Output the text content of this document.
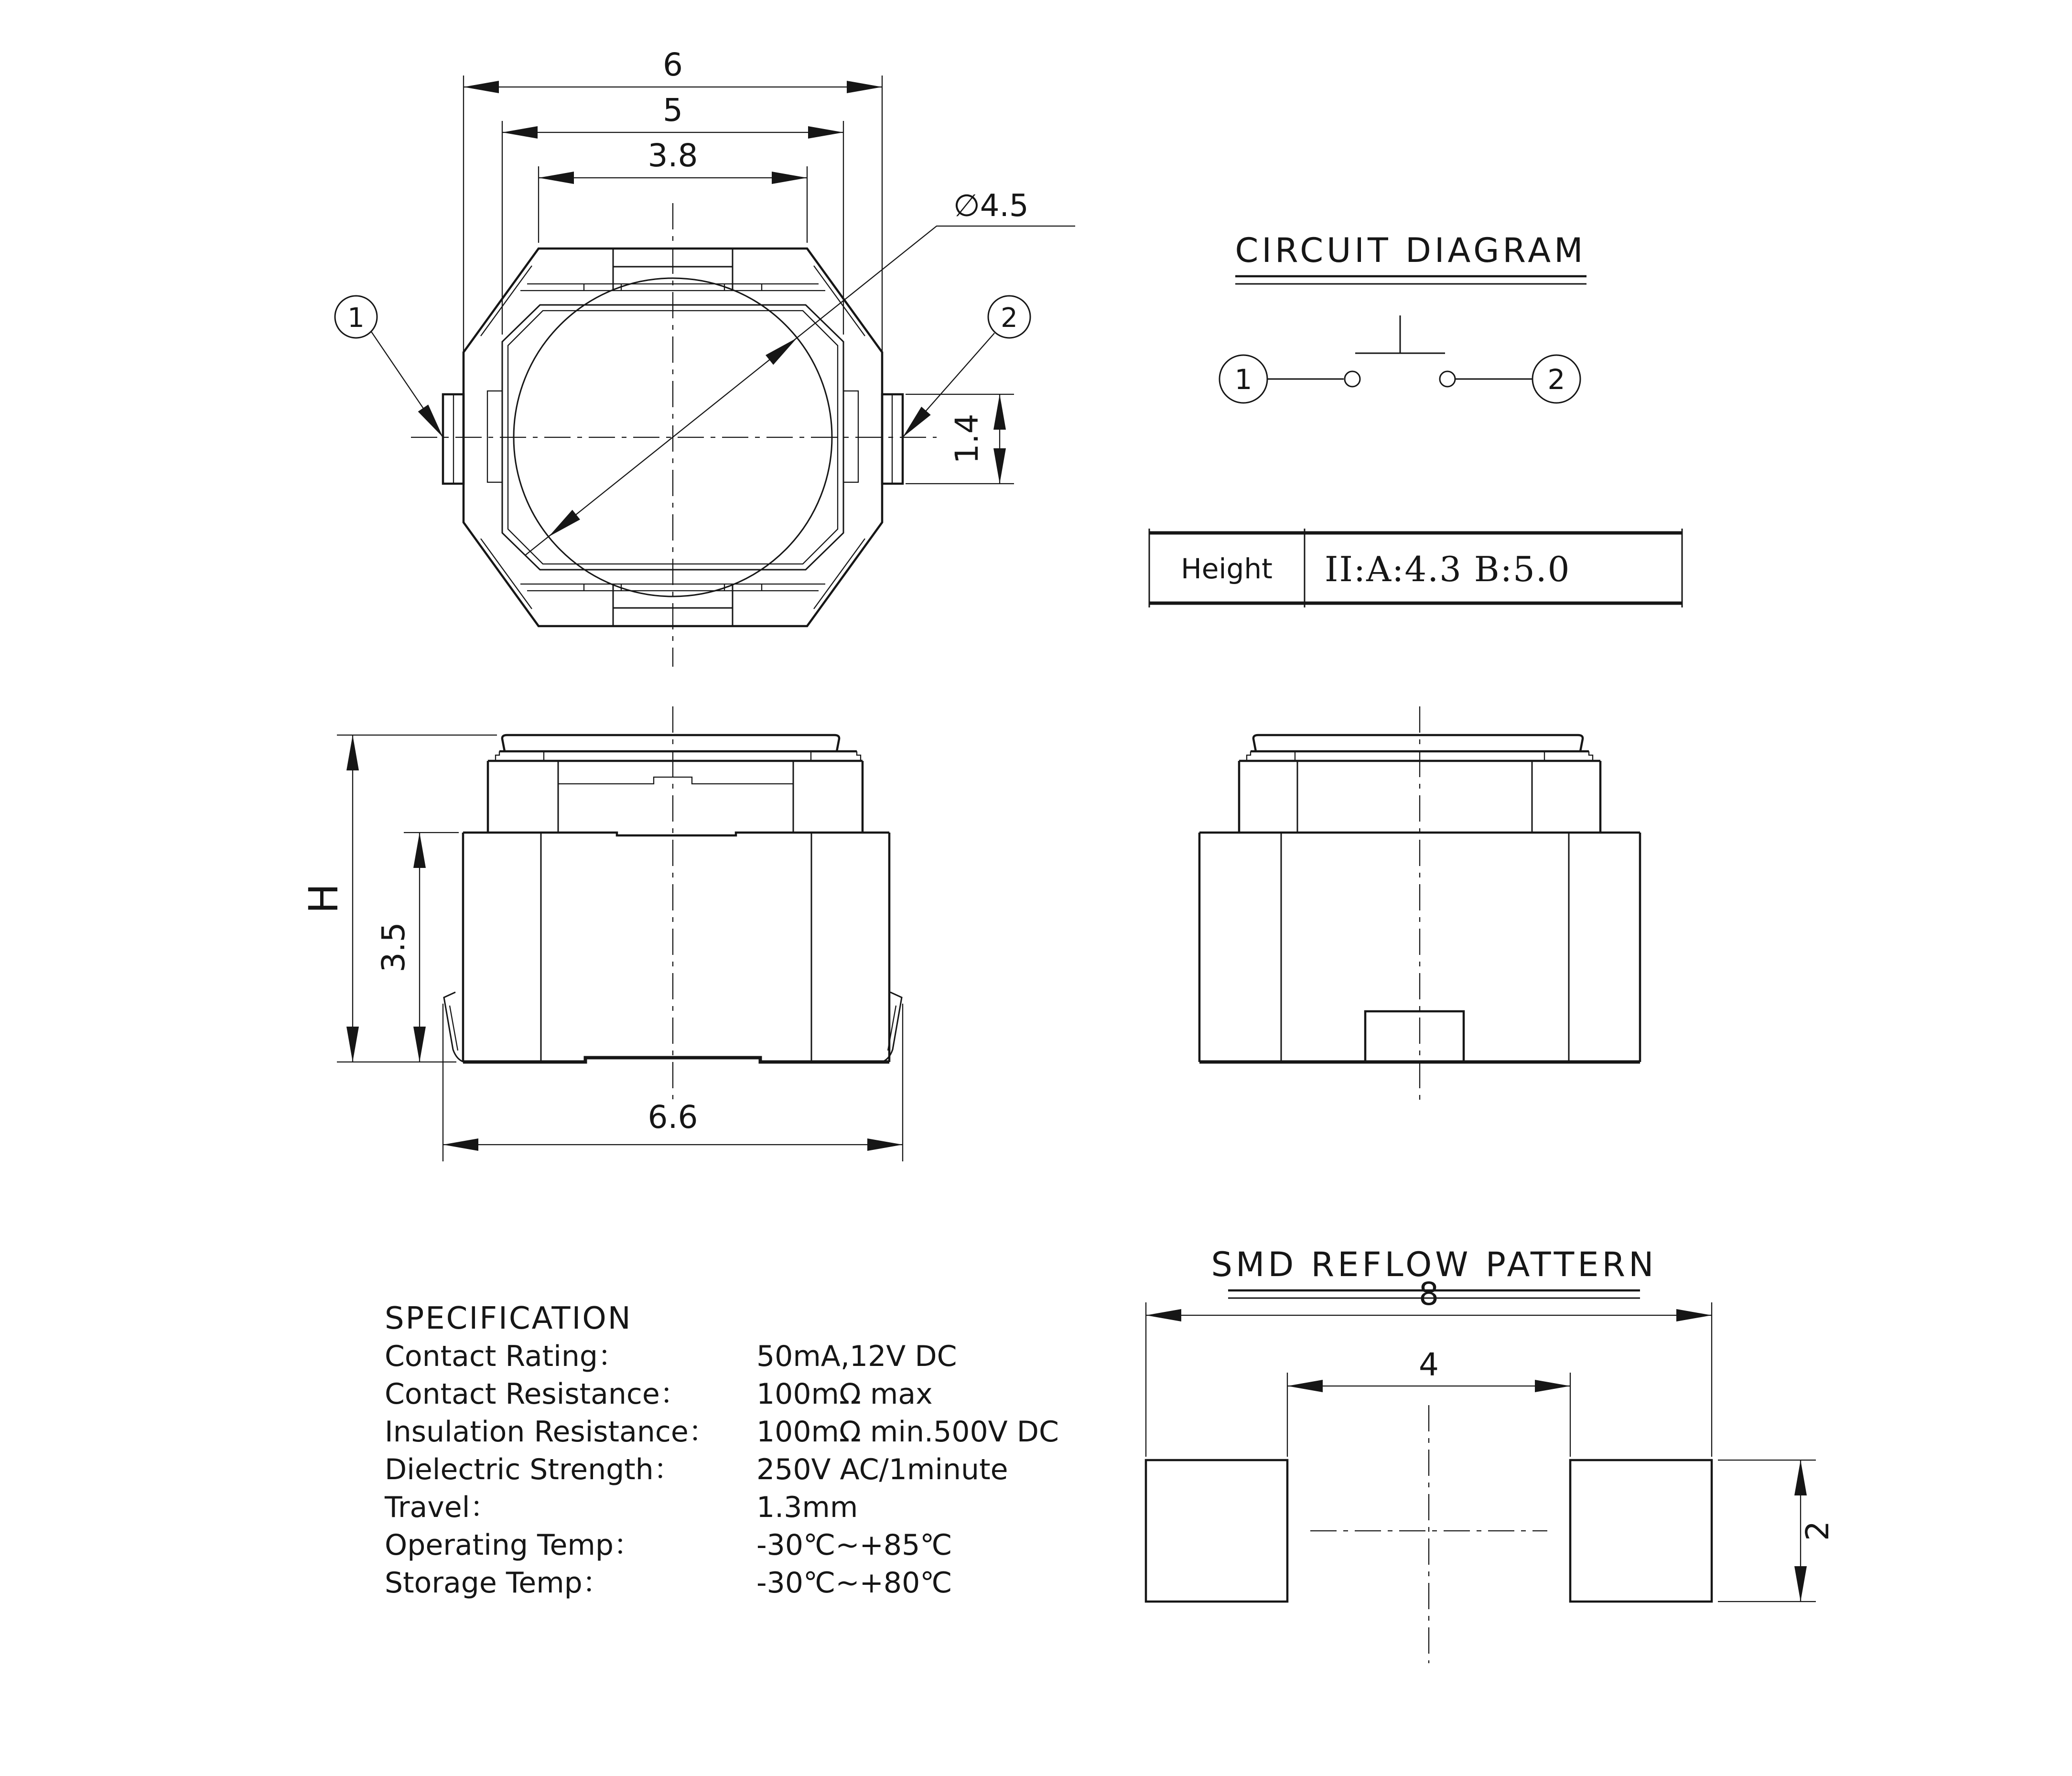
6
5
3.8
∅4.5
1	2
1.4
CIRCUIT DIAGRAM
1	2
Height II:A:4.3 B:5.0
H
3.5
6.6
SMD REFLOW PATTERN
8
4
2
SPECIFICATION
Contact Rating：	50mA,12V DC
Contact Resistance： 100mΩ max
Insulation Resistance： 100mΩ min.500V DC
Dielectric Strength：	250V AC/1minute
Travel：	1.3mm
Operating Temp：	-30℃~+85℃
Storage Temp：	-30℃~+80℃
